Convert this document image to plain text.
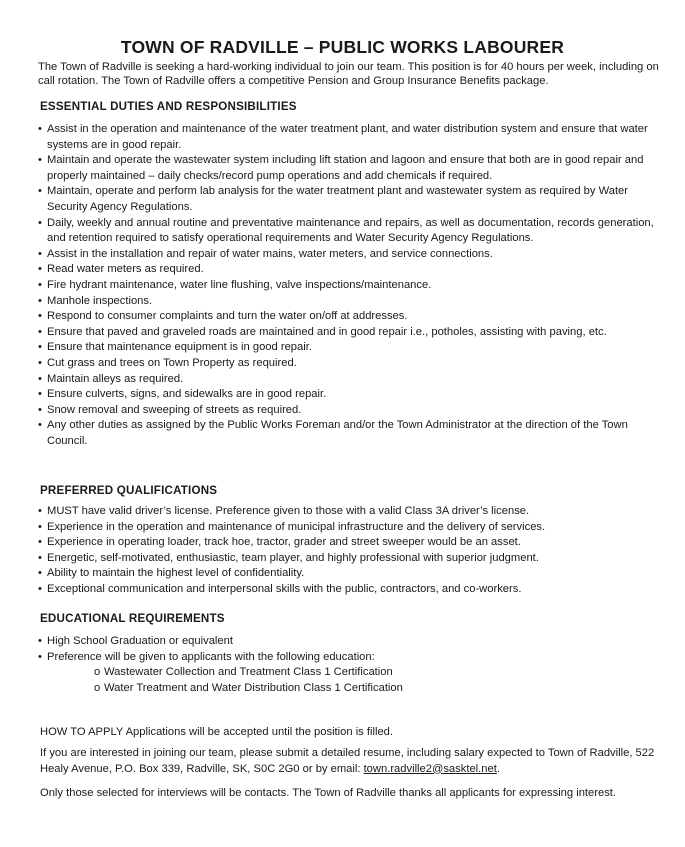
TOWN OF RADVILLE – PUBLIC WORKS LABOURER
The Town of Radville is seeking a hard-working individual to join our team. This position is for 40 hours per week, including on call rotation. The Town of Radville offers a competitive Pension and Group Insurance Benefits package.
ESSENTIAL DUTIES AND RESPONSIBILITIES
• Assist in the operation and maintenance of the water treatment plant, and water distribution system and ensure that water systems are in good repair.
• Maintain and operate the wastewater system including lift station and lagoon and ensure that both are in good repair and properly maintained – daily checks/record pump operations and add chemicals if required.
• Maintain, operate and perform lab analysis for the water treatment plant and wastewater system as required by Water Security Agency Regulations.
• Daily, weekly and annual routine and preventative maintenance and repairs, as well as documentation, records generation, and retention required to satisfy operational requirements and Water Security Agency Regulations.
• Assist in the installation and repair of water mains, water meters, and service connections.
• Read water meters as required.
• Fire hydrant maintenance, water line flushing, valve inspections/maintenance.
• Manhole inspections.
• Respond to consumer complaints and turn the water on/off at addresses.
• Ensure that paved and graveled roads are maintained and in good repair i.e., potholes, assisting with paving, etc.
• Ensure that maintenance equipment is in good repair.
• Cut grass and trees on Town Property as required.
• Maintain alleys as required.
• Ensure culverts, signs, and sidewalks are in good repair.
• Snow removal and sweeping of streets as required.
• Any other duties as assigned by the Public Works Foreman and/or the Town Administrator at the direction of the Town Council.
PREFERRED QUALIFICATIONS
• MUST have valid driver’s license. Preference given to those with a valid Class 3A driver’s license.
• Experience in the operation and maintenance of municipal infrastructure and the delivery of services.
• Experience in operating loader, track hoe, tractor, grader and street sweeper would be an asset.
• Energetic, self-motivated, enthusiastic, team player, and highly professional with superior judgment.
• Ability to maintain the highest level of confidentiality.
• Exceptional communication and interpersonal skills with the public, contractors, and co-workers.
EDUCATIONAL REQUIREMENTS
• High School Graduation or equivalent
• Preference will be given to applicants with the following education:
o Wastewater Collection and Treatment Class 1 Certification
o Water Treatment and Water Distribution Class 1 Certification
HOW TO APPLY Applications will be accepted until the position is filled.
If you are interested in joining our team, please submit a detailed resume, including salary expected to Town of Radville, 522 Healy Avenue, P.O. Box 339, Radville, SK, S0C 2G0 or by email: town.radville2@sasktel.net.
Only those selected for interviews will be contacts. The Town of Radville thanks all applicants for expressing interest.
